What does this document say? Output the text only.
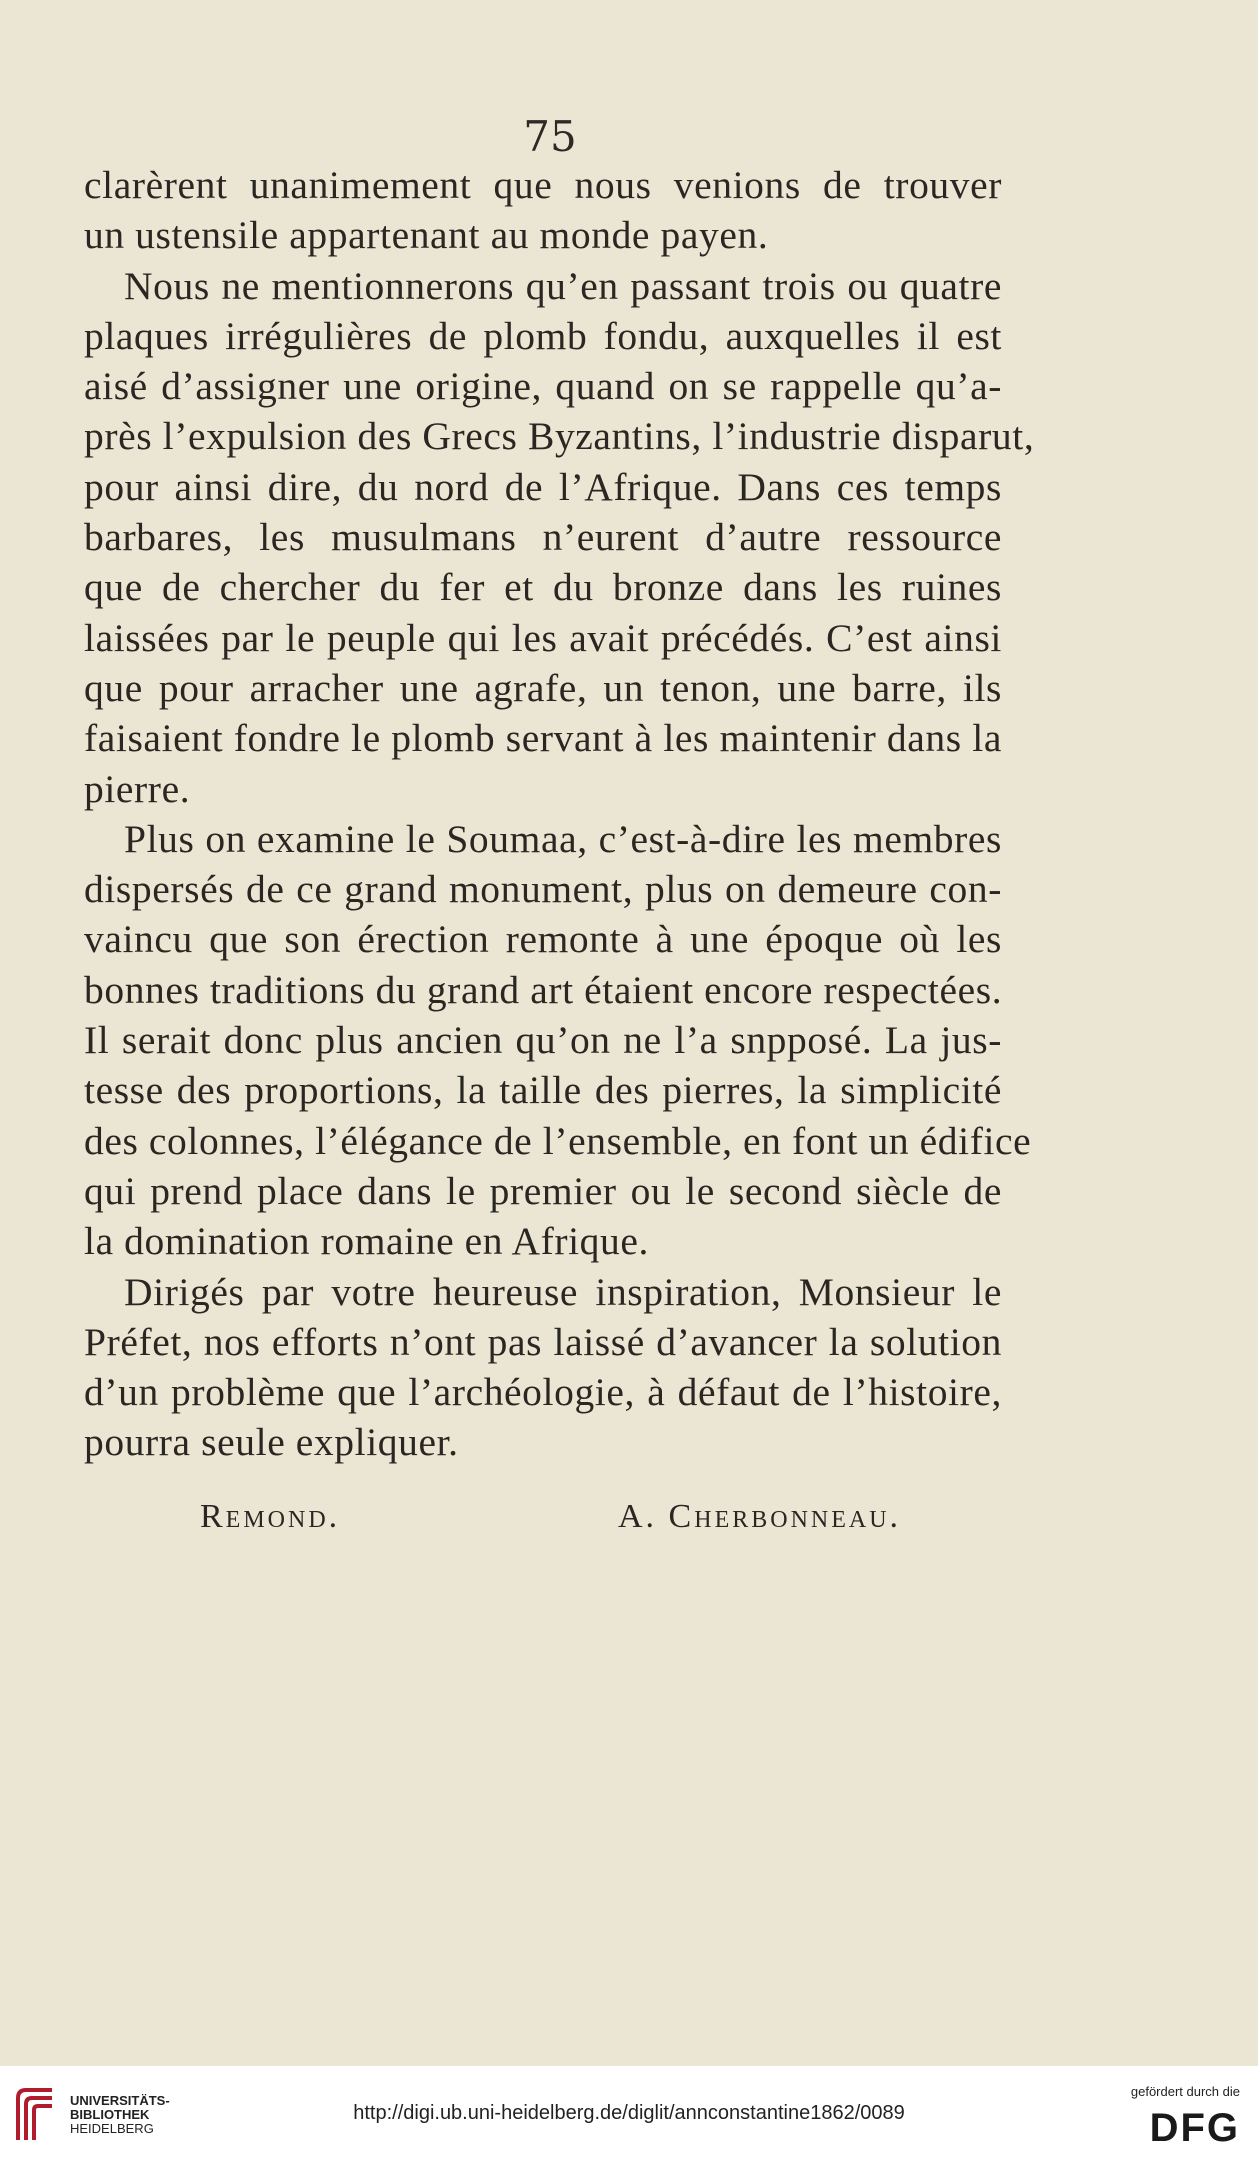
75
clarèrent unanimement que nous venions de trouver
un ustensile appartenant au monde payen.
Nous ne mentionnerons qu’en passant trois ou quatre
plaques irrégulières de plomb fondu, auxquelles il est
aisé d’assigner une origine, quand on se rappelle qu’a-
près l’expulsion des Grecs Byzantins, l’industrie disparut,
pour ainsi dire, du nord de l’Afrique. Dans ces temps
barbares, les musulmans n’eurent d’autre ressource
que de chercher du fer et du bronze dans les ruines
laissées par le peuple qui les avait précédés. C’est ainsi
que pour arracher une agrafe, un tenon, une barre, ils
faisaient fondre le plomb servant à les maintenir dans la
pierre.
Plus on examine le Soumaa, c’est-à-dire les membres
dispersés de ce grand monument, plus on demeure con-
vaincu que son érection remonte à une époque où les
bonnes traditions du grand art étaient encore respectées.
Il serait donc plus ancien qu’on ne l’a snpposé. La jus-
tesse des proportions, la taille des pierres, la simplicité
des colonnes, l’élégance de l’ensemble, en font un édifice
qui prend place dans le premier ou le second siècle de
la domination romaine en Afrique.
Dirigés par votre heureuse inspiration, Monsieur le
Préfet, nos efforts n’ont pas laissé d’avancer la solution
d’un problème que l’archéologie, à défaut de l’histoire,
pourra seule expliquer.
Remond.	A. Cherbonneau.
UNIVERSITÄTS-
BIBLIOTHEK
HEIDELBERG
http://digi.ub.uni-heidelberg.de/diglit/annconstantine1862/0089
gefördert durch die
DFG
